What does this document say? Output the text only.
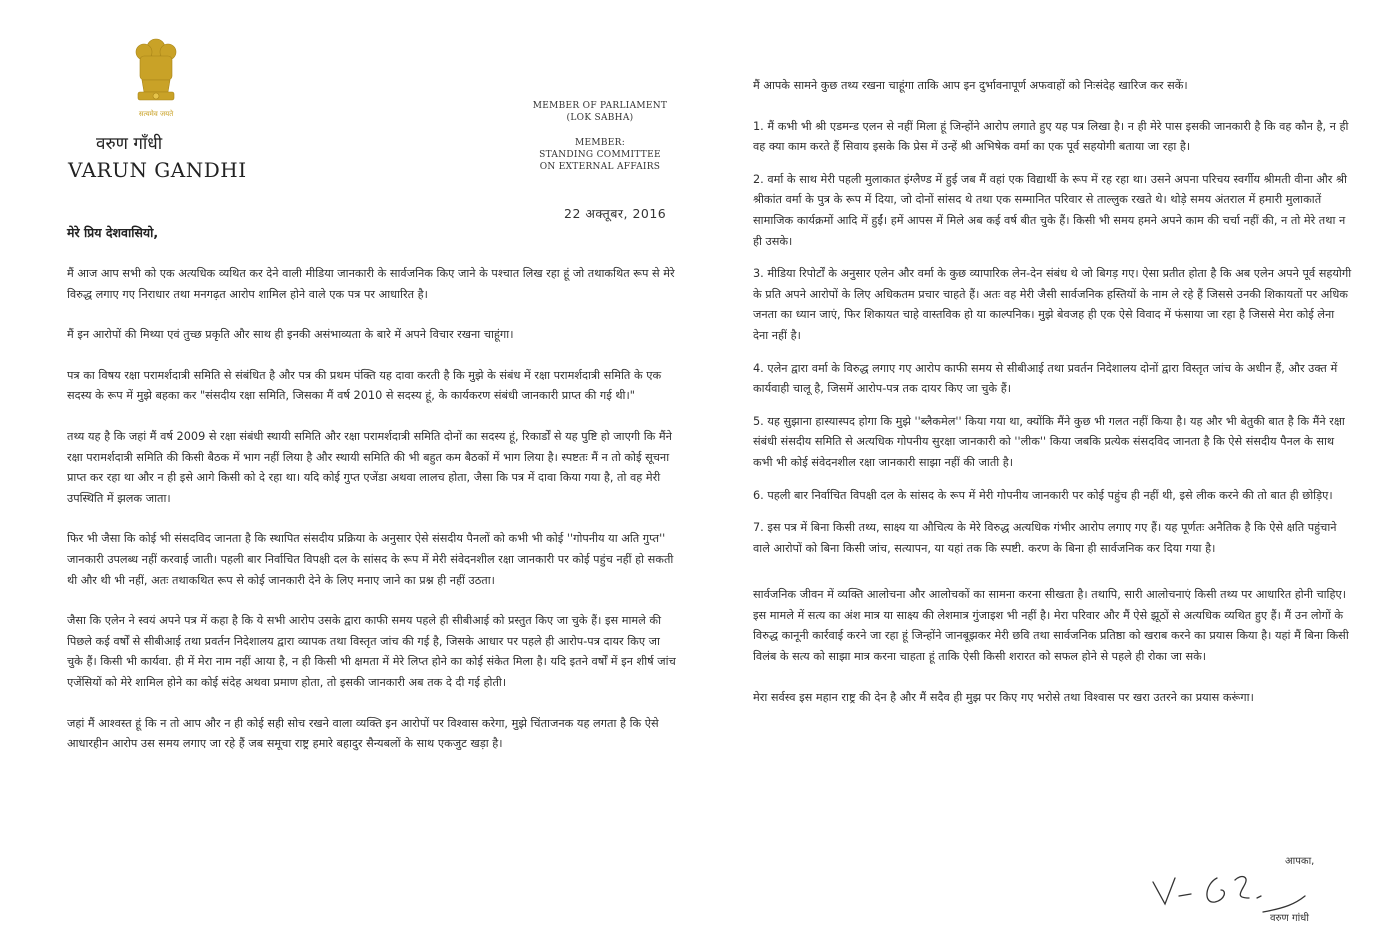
सत्यमेव जयते
वरुण गाँधी
VARUN GANDHI
MEMBER OF PARLIAMENT
(LOK SABHA)
MEMBER:
STANDING COMMITTEE
ON EXTERNAL AFFAIRS
22 अक्तूबर, 2016
मेरे प्रिय देशवासियो,

मैं आज आप सभी को एक अत्यधिक व्यथित कर देने वाली मीडिया जानकारी के सार्वजनिक किए जाने के पश्चात लिख रहा हूं जो तथाकथित रूप से मेरे विरुद्ध लगाए गए निराधार तथा मनगढ़त आरोप शामिल होने वाले एक पत्र पर आधारित है।

मैं इन आरोपों की मिथ्या एवं तुच्छ प्रकृति और साथ ही इनकी असंभाव्यता के बारे में अपने विचार रखना चाहूंगा।

पत्र का विषय रक्षा परामर्शदात्री समिति से संबंधित है और पत्र की प्रथम पंक्ति यह दावा करती है कि मुझे के संबंध में रक्षा परामर्शदात्री समिति के एक सदस्य के रूप में मुझे बहका कर "संसदीय रक्षा समिति, जिसका मैं वर्ष 2010 से सदस्य हूं, के कार्यकरण संबंधी जानकारी प्राप्त की गई थी।"

तथ्य यह है कि जहां मैं वर्ष 2009 से रक्षा संबंधी स्थायी समिति और रक्षा परामर्शदात्री समिति दोनों का सदस्य हूं, रिकार्डों से यह पुष्टि हो जाएगी कि मैंने रक्षा परामर्शदात्री समिति की किसी बैठक में भाग नहीं लिया है और स्थायी समिति की भी बहुत कम बैठकों में भाग लिया है। स्पष्टतः मैं न तो कोई सूचना प्राप्त कर रहा था और न ही इसे आगे किसी को दे रहा था। यदि कोई गुप्त एजेंडा अथवा लालच होता, जैसा कि पत्र में दावा किया गया है, तो वह मेरी उपस्थिति में झलक जाता।

फिर भी जैसा कि कोई भी संसदविद जानता है कि स्थापित संसदीय प्रक्रिया के अनुसार ऐसे संसदीय पैनलों को कभी भी कोई ''गोपनीय या अति गुप्त'' जानकारी उपलब्ध नहीं करवाई जाती। पहली बार निर्वाचित विपक्षी दल के सांसद के रूप में मेरी संवेदनशील रक्षा जानकारी पर कोई पहुंच नहीं हो सकती थी और थी भी नहीं, अतः तथाकथित रूप से कोई जानकारी देने के लिए मनाए जाने का प्रश्न ही नहीं उठता।

जैसा कि एलेन ने स्वयं अपने पत्र में कहा है कि ये सभी आरोप उसके द्वारा काफी समय पहले ही सीबीआई को प्रस्तुत किए जा चुके हैं। इस मामले की पिछले कई वर्षों से सीबीआई तथा प्रवर्तन निदेशालय द्वारा व्यापक तथा विस्तृत जांच की गई है, जिसके आधार पर पहले ही आरोप-पत्र दायर किए जा चुके हैं। किसी भी कार्यवा. ही में मेरा नाम नहीं आया है, न ही किसी भी क्षमता में मेरे लिप्त होने का कोई संकेत मिला है। यदि इतने वर्षों में इन शीर्ष जांच एजेंसियों को मेरे शामिल होने का कोई संदेह अथवा प्रमाण होता, तो इसकी जानकारी अब तक दे दी गई होती।

जहां मैं आश्वस्त हूं कि न तो आप और न ही कोई सही सोच रखने वाला व्यक्ति इन आरोपों पर विश्वास करेगा, मुझे चिंताजनक यह लगता है कि ऐसे आधारहीन आरोप उस समय लगाए जा रहे हैं जब समूचा राष्ट्र हमारे बहादुर सैन्यबलों के साथ एकजुट खड़ा है।

मैं आपके सामने कुछ तथ्य रखना चाहूंगा ताकि आप इन दुर्भावनापूर्ण अफवाहों को निःसंदेह खारिज कर सकें।

1. मैं कभी भी श्री एडमन्ड एलन से नहीं मिला हूं जिन्होंने आरोप लगाते हुए यह पत्र लिखा है। न ही मेरे पास इसकी जानकारी है कि वह कौन है, न ही वह क्या काम करते हैं सिवाय इसके कि प्रेस में उन्हें श्री अभिषेक वर्मा का एक पूर्व सहयोगी बताया जा रहा है।

2. वर्मा के साथ मेरी पहली मुलाकात इंग्लैण्ड में हुई जब मैं वहां एक विद्यार्थी के रूप में रह रहा था। उसने अपना परिचय स्वर्गीय श्रीमती वीना और श्री श्रीकांत वर्मा के पुत्र के रूप में दिया, जो दोनों सांसद थे तथा एक सम्मानित परिवार से ताल्लुक रखते थे। थोड़े समय अंतराल में हमारी मुलाकातें सामाजिक कार्यक्रमों आदि में हुईं। हमें आपस में मिले अब कई वर्ष बीत चुके हैं। किसी भी समय हमने अपने काम की चर्चा नहीं की, न तो मेरे तथा न ही उसके।

3. मीडिया रिपोर्टों के अनुसार एलेन और वर्मा के कुछ व्यापारिक लेन-देन संबंध थे जो बिगड़ गए। ऐसा प्रतीत होता है कि अब एलेन अपने पूर्व सहयोगी के प्रति अपने आरोपों के लिए अधिकतम प्रचार चाहते हैं। अतः वह मेरी जैसी सार्वजनिक हस्तियों के नाम ले रहे हैं जिससे उनकी शिकायतों पर अधिक जनता का ध्यान जाएं, फिर शिकायत चाहे वास्तविक हो या काल्पनिक। मुझे बेवजह ही एक ऐसे विवाद में फंसाया जा रहा है जिससे मेरा कोई लेना देना नहीं है।

4. एलेन द्वारा वर्मा के विरुद्ध लगाए गए आरोप काफी समय से सीबीआई तथा प्रवर्तन निदेशालय दोनों द्वारा विस्तृत जांच के अधीन हैं, और उक्त में कार्यवाही चालू है, जिसमें आरोप-पत्र तक दायर किए जा चुके हैं।

5. यह सुझाना हास्यास्पद होगा कि मुझे ''ब्लैकमेल'' किया गया था, क्योंकि मैंने कुछ भी गलत नहीं किया है। यह और भी बेतुकी बात है कि मैंने रक्षा संबंधी संसदीय समिति से अत्यधिक गोपनीय सुरक्षा जानकारी को ''लीक'' किया जबकि प्रत्येक संसदविद जानता है कि ऐसे संसदीय पैनल के साथ कभी भी कोई संवेदनशील रक्षा जानकारी साझा नहीं की जाती है।

6. पहली बार निर्वाचित विपक्षी दल के सांसद के रूप में मेरी गोपनीय जानकारी पर कोई पहुंच ही नहीं थी, इसे लीक करने की तो बात ही छोड़िए।

7. इस पत्र में बिना किसी तथ्य, साक्ष्य या औचित्य के मेरे विरुद्ध अत्यधिक गंभीर आरोप लगाए गए हैं। यह पूर्णतः अनैतिक है कि ऐसे क्षति पहुंचाने वाले आरोपों को बिना किसी जांच, सत्यापन, या यहां तक कि स्पष्टी. करण के बिना ही सार्वजनिक कर दिया गया है।

सार्वजनिक जीवन में व्यक्ति आलोचना और आलोचकों का सामना करना सीखता है। तथापि, सारी आलोचनाएं किसी तथ्य पर आधारित होनी चाहिए। इस मामले में सत्य का अंश मात्र या साक्ष्य की लेशमात्र गुंजाइश भी नहीं है। मेरा परिवार और मैं ऐसे झूठों से अत्यधिक व्यथित हुए हैं। मैं उन लोगों के विरुद्ध कानूनी कार्रवाई करने जा रहा हूं जिन्होंने जानबूझकर मेरी छवि तथा सार्वजनिक प्रतिष्ठा को खराब करने का प्रयास किया है। यहां मैं बिना किसी विलंब के सत्य को साझा मात्र करना चाहता हूं ताकि ऐसी किसी शरारत को सफल होने से पहले ही रोका जा सके।

मेरा सर्वस्व इस महान राष्ट्र की देन है और मैं सदैव ही मुझ पर किए गए भरोसे तथा विश्वास पर खरा उतरने का प्रयास करूंगा।

आपका,
वरुण गांधी
